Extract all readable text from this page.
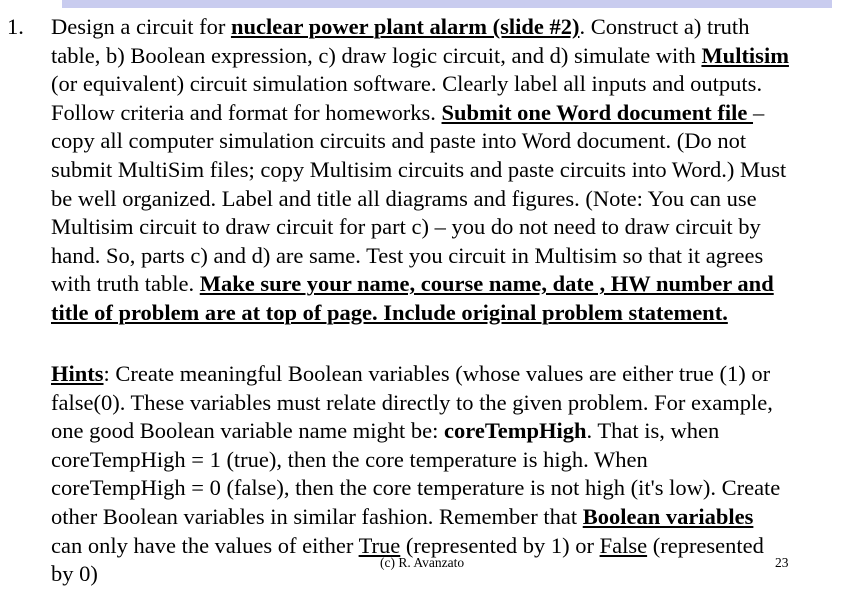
1. Design a circuit for nuclear power plant alarm (slide #2). Construct a) truth
table, b) Boolean expression, c) draw logic circuit, and d) simulate with Multisim
(or equivalent) circuit simulation software. Clearly label all inputs and outputs.
Follow criteria and format for homeworks. Submit one Word document file –
copy all computer simulation circuits and paste into Word document. (Do not
submit MultiSim files; copy Multisim circuits and paste circuits into Word.) Must
be well organized. Label and title all diagrams and figures. (Note: You can use
Multisim circuit to draw circuit for part c) – you do not need to draw circuit by
hand. So, parts c) and d) are same. Test you circuit in Multisim so that it agrees
with truth table. Make sure your name, course name, date , HW number and
title of problem are at top of page. Include original problem statement.
Hints: Create meaningful Boolean variables (whose values are either true (1) or
false(0). These variables must relate directly to the given problem. For example,
one good Boolean variable name might be: coreTempHigh. That is, when
coreTempHigh = 1 (true), then the core temperature is high. When
coreTempHigh = 0 (false), then the core temperature is not high (it's low). Create
other Boolean variables in similar fashion. Remember that Boolean variables
can only have the values of either True (represented by 1) or False (represented
by 0)	(c) R. Avanzato	23
